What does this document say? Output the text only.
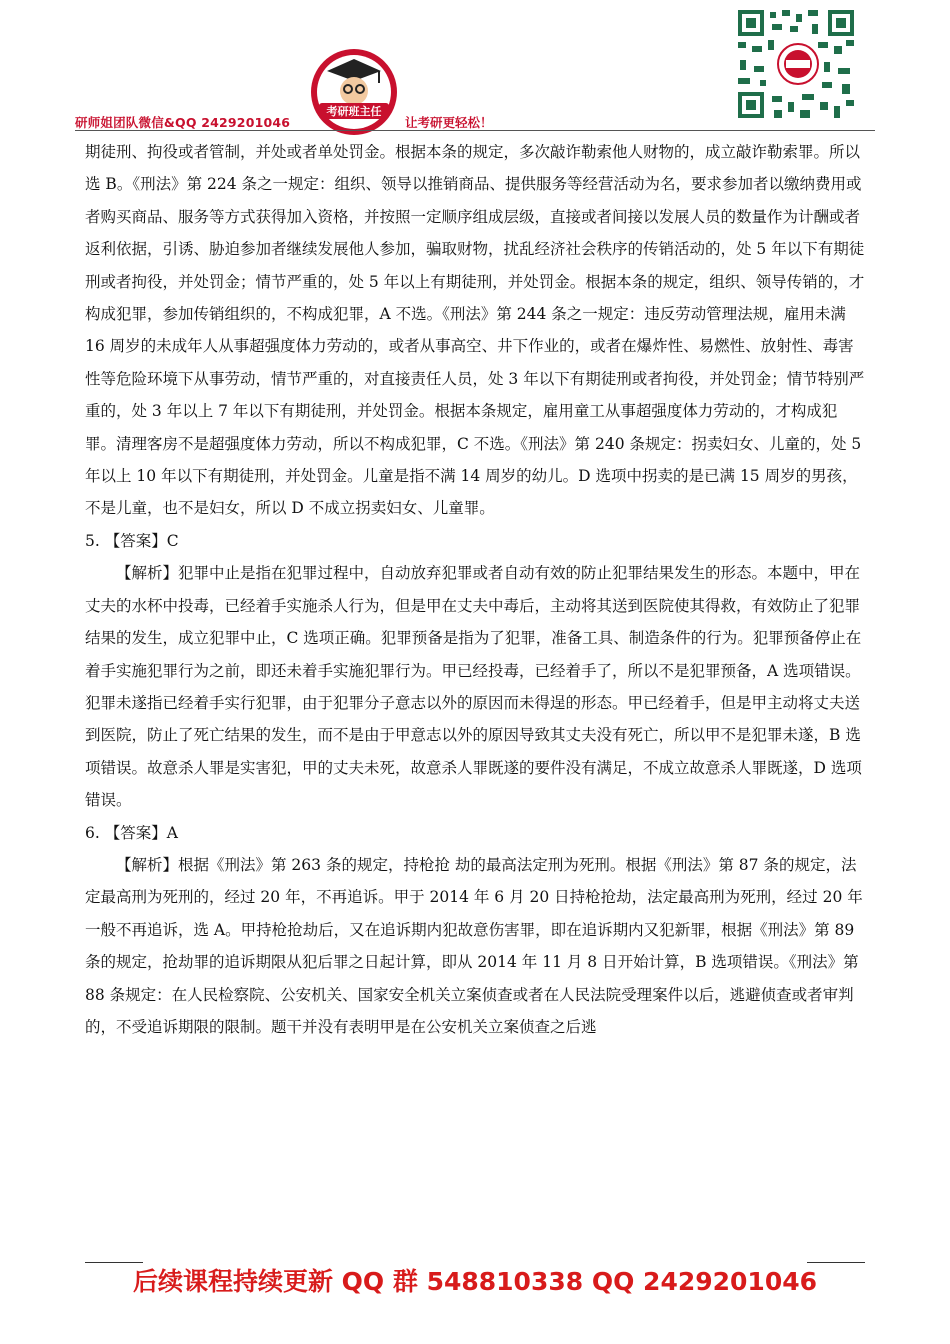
研师姐团队微信&QQ 2429201046
考研班主任
让考研更轻松！

期徒刑、拘役或者管制，并处或者单处罚金。根据本条的规定，多次敲诈勒索他人财物的，成立敲诈勒索罪。所以选 B。《刑法》第 224 条之一规定：组织、领导以推销商品、提供服务等经营活动为名，要求参加者以缴纳费用或者购买商品、服务等方式获得加入资格，并按照一定顺序组成层级，直接或者间接以发展人员的数量作为计酬或者返利依据，引诱、胁迫参加者继续发展他人参加，骗取财物，扰乱经济社会秩序的传销活动的，处 5 年以下有期徒刑或者拘役，并处罚金；情节严重的，处 5 年以上有期徒刑，并处罚金。根据本条的规定，组织、领导传销的，才构成犯罪，参加传销组织的，不构成犯罪，A 不选。《刑法》第 244 条之一规定：违反劳动管理法规，雇用未满 16 周岁的未成年人从事超强度体力劳动的，或者从事高空、井下作业的，或者在爆炸性、易燃性、放射性、毒害性等危险环境下从事劳动，情节严重的，对直接责任人员，处 3 年以下有期徒刑或者拘役，并处罚金；情节特别严重的，处 3 年以上 7 年以下有期徒刑，并处罚金。根据本条规定，雇用童工从事超强度体力劳动的，才构成犯罪。清理客房不是超强度体力劳动，所以不构成犯罪，C 不选。《刑法》第 240 条规定：拐卖妇女、儿童的，处 5 年以上 10 年以下有期徒刑，并处罚金。儿童是指不满 14 周岁的幼儿。D 选项中拐卖的是已满 15 周岁的男孩，不是儿童，也不是妇女，所以 D 不成立拐卖妇女、儿童罪。

5. 【答案】C

【解析】犯罪中止是指在犯罪过程中，自动放弃犯罪或者自动有效的防止犯罪结果发生的形态。本题中，甲在丈夫的水杯中投毒，已经着手实施杀人行为，但是甲在丈夫中毒后，主动将其送到医院使其得救，有效防止了犯罪结果的发生，成立犯罪中止，C 选项正确。犯罪预备是指为了犯罪，准备工具、制造条件的行为。犯罪预备停止在着手实施犯罪行为之前，即还未着手实施犯罪行为。甲已经投毒，已经着手了，所以不是犯罪预备，A 选项错误。犯罪未遂指已经着手实行犯罪，由于犯罪分子意志以外的原因而未得逞的形态。甲已经着手，但是甲主动将丈夫送到医院，防止了死亡结果的发生，而不是由于甲意志以外的原因导致其丈夫没有死亡，所以甲不是犯罪未遂，B 选项错误。故意杀人罪是实害犯，甲的丈夫未死，故意杀人罪既遂的要件没有满足，不成立故意杀人罪既遂，D 选项错误。

6. 【答案】A

【解析】根据《刑法》第 263 条的规定，持枪抢 劫的最高法定刑为死刑。根据《刑法》第 87 条的规定，法定最高刑为死刑的，经过 20 年，不再追诉。甲于 2014 年 6 月 20 日持枪抢劫，法定最高刑为死刑，经过 20 年一般不再追诉，选 A。甲持枪抢劫后，又在追诉期内犯故意伤害罪，即在追诉期内又犯新罪，根据《刑法》第 89 条的规定，抢劫罪的追诉期限从犯后罪之日起计算，即从 2014 年 11 月 8 日开始计算，B 选项错误。《刑法》第 88 条规定：在人民检察院、公安机关、国家安全机关立案侦查或者在人民法院受理案件以后，逃避侦查或者审判的，不受追诉期限的限制。题干并没有表明甲是在公安机关立案侦查之后逃

后续课程持续更新 QQ 群 548810338 QQ 2429201046
